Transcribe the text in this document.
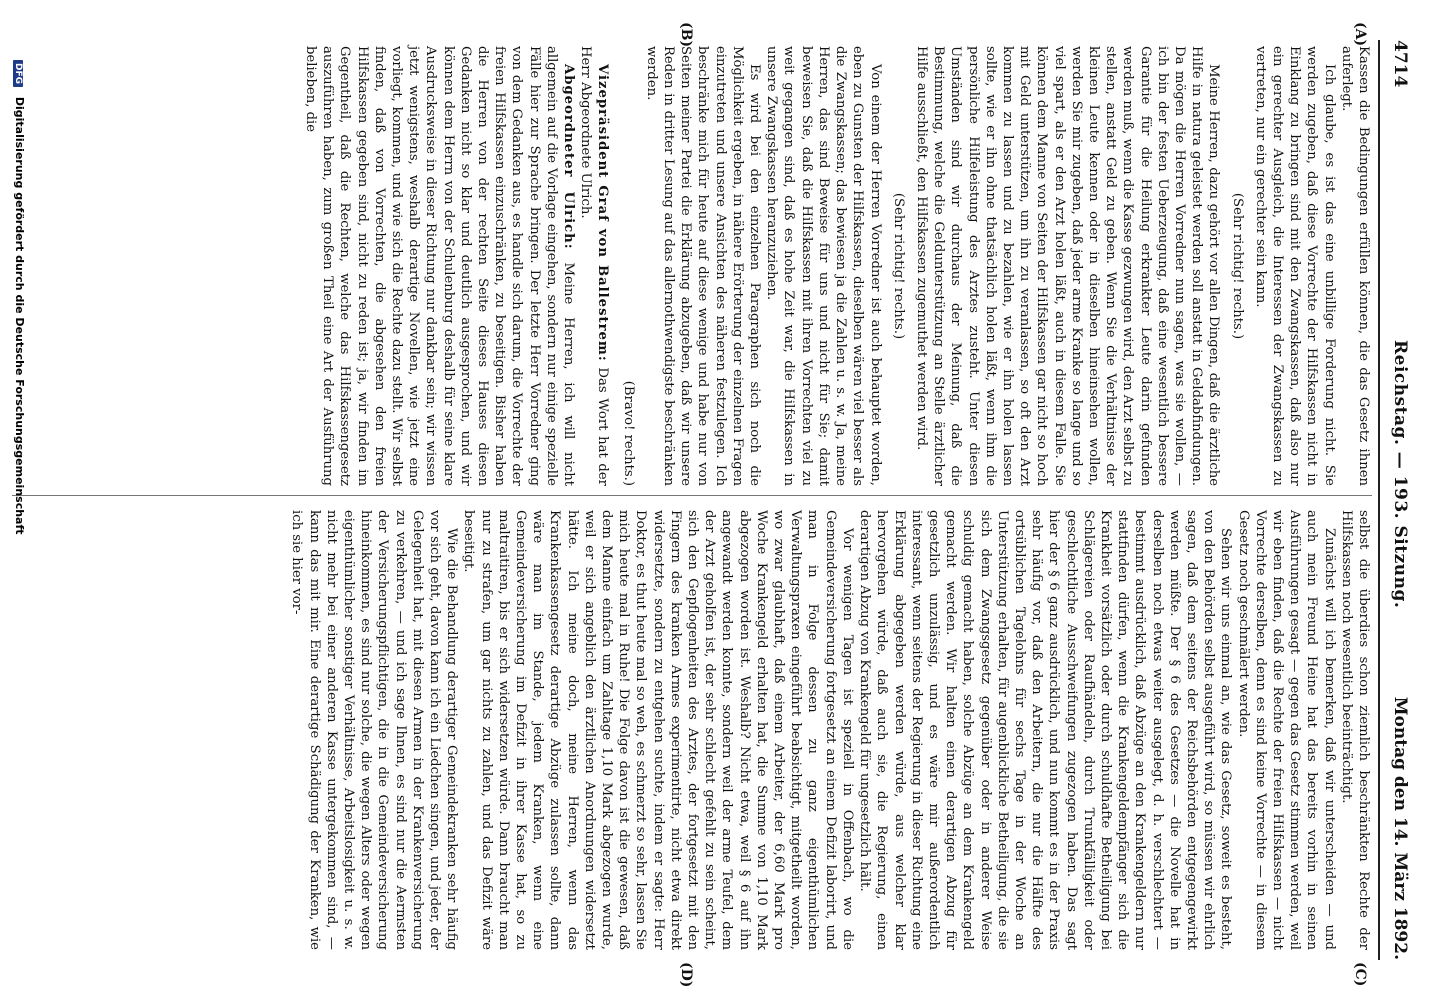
4714
Reichstag. — 193. Sitzung.
Montag den 14. März 1892.
(A)
(B)
(C)
(D)

Kassen die Bedingungen erfüllen können, die das Gesetz ihnen auferlegt.

Ich glaube, es ist das eine unbillige Forderung nicht. Sie werden zugeben, daß diese Vorrechte der Hilfskassen nicht in Einklang zu bringen sind mit den Zwangskassen, daß also nur ein gerechter Ausgleich, die Interessen der Zwangskassen zu vertreten, nur ein gerechter sein kann.

(Sehr richtig! rechts.)

Meine Herren, dazu gehört vor allen Dingen, daß die ärztliche Hilfe in natura geleistet werden soll anstatt in Geldabfindungen. Da mögen die Herren Vorredner nun sagen, was sie wollen, — ich bin der festen Ueberzeugung, daß eine wesentlich bessere Garantie für die Heilung erkrankter Leute darin gefunden werden muß, wenn die Kasse gezwungen wird, den Arzt selbst zu stellen, anstatt Geld zu geben. Wenn Sie die Verhältnisse der kleinen Leute kennen oder in dieselben hineinsehen wollen, werden Sie mir zugeben, daß jeder arme Kranke so lange und so viel spart, als er den Arzt holen läßt, auch in diesem Falle. Sie können dem Manne von Seiten der Hilfskassen gar nicht so hoch mit Geld unterstützen, um ihn zu veranlassen, so oft den Arzt kommen zu lassen und zu bezahlen, wie er ihn holen lassen sollte, wie er ihn ohne thatsächlich holen läßt, wenn ihm die persönliche Hilfeleistung des Arztes zusteht. Unter diesen Umständen sind wir durchaus der Meinung, daß die Bestimmung, welche die Geldunterstützung an Stelle ärztlicher Hilfe ausschließt, den Hilfskassen zugemuthet werden wird.

(Sehr richtig! rechts.)

Von einem der Herren Vorredner ist auch behauptet worden, eben zu Gunsten der Hilfskassen, dieselben wären viel besser als die Zwangskassen; das bewiesen ja die Zahlen u. s. w. Ja, meine Herren, das sind Beweise für uns und nicht für Sie; damit beweisen Sie, daß die Hilfskassen mit ihren Vorrechten viel zu weit gegangen sind, daß es hohe Zeit war, die Hilfskassen in unsere Zwangskassen heranzuziehen.

Es wird bei den einzelnen Paragraphen sich noch die Möglichkeit ergeben, in nähere Erörterung der einzelnen Fragen einzutreten und unsere Ansichten des näheren festzulegen. Ich beschränke mich für heute auf diese wenige und habe nur von Seiten meiner Partei die Erklärung abzugeben, daß wir unsere Reden in dritter Lesung auf das allernothwendigste beschränken werden.

(Bravo! rechts.)

Vizepräsident Graf von Ballestrem: Das Wort hat der Herr Abgeordnete Ulrich.

Abgeordneter Ulrich: Meine Herren, ich will nicht allgemein auf die Vorlage eingehen, sondern nur einige spezielle Fälle hier zur Sprache bringen. Der letzte Herr Vorredner ging von dem Gedanken aus, es handle sich darum, die Vorrechte der freien Hilfskassen einzuschränken, zu beseitigen. Bisher haben die Herren von der rechten Seite dieses Hauses diesen Gedanken nicht so klar und deutlich ausgesprochen, und wir können dem Herrn von der Schulenburg deshalb für seine klare Ausdrucksweise in dieser Richtung nur dankbar sein; wir wissen jetzt wenigstens, weshalb derartige Novellen, wie jetzt eine vorliegt, kommen, und wie sich die Rechte dazu stellt. Wir selbst finden, daß von Vorrechten, die abgesehen den freien Hilfskassen gegeben sind, nicht zu reden ist; ja, wir finden im Gegentheil, daß die Rechten, welche das Hilfskassengesetz auszuführen haben, zum großen Theil eine Art der Ausführung belieben, die

selbst die überdies schon ziemlich beschränkten Rechte der Hilfskassen noch wesentlich beeinträchtigt.

Zunächst will ich bemerken, daß wir unterscheiden — und auch mein Freund Heine hat das bereits vorhin in seinen Ausführungen gesagt — gegen das Gesetz stimmen werden, weil wir eben finden, daß die Rechte der freien Hilfskassen — nicht Vorrechte derselben, denn es sind keine Vorrechte — in diesem Gesetz noch geschmälert werden.

Sehen wir uns einmal an, wie das Gesetz, soweit es besteht, von den Behörden selbst ausgeführt wird, so müssen wir ehrlich sagen, daß dem seitens der Reichsbehörden entgegengewirkt werden müßte. Der § 6 des Gesetzes — die Novelle hat in derselben noch etwas weiter ausgelegt, d. h. verschlechtert — bestimmt ausdrücklich, daß Abzüge an den Krankengeldern nur stattfinden dürfen, wenn die Krankengeldempfänger sich die Krankheit vorsätzlich oder durch schuldhafte Betheiligung bei Schlägereien oder Raufhändeln, durch Trunkfälligkeit oder geschlechtliche Ausschweifungen zugezogen haben. Das sagt hier der § 6 ganz ausdrücklich, und nun kommt es in der Praxis sehr häufig vor, daß den Arbeitern, die nur die Hälfte des ortsüblichen Tagelohns für sechs Tage in der Woche an Unterstützung erhalten, für augenblickliche Betheiligung, die sie sich dem Zwangsgesetz gegenüber oder in anderer Weise schuldig gemacht haben, solche Abzüge an dem Krankengeld gemacht werden. Wir halten einen derartigen Abzug für gesetzlich unzulässig, und es wäre mir außerordentlich interessant, wenn seitens der Regierung in dieser Richtung eine Erklärung abgegeben werden würde, aus welcher klar hervorgehen würde, daß auch sie, die Regierung, einen derartigen Abzug von Krankengeld für ungesetzlich hält.

Vor wenigen Tagen ist speziell in Offenbach, wo die Gemeindeversicherung fortgesetzt an einem Defizit laborirt, und man in Folge dessen zu ganz eigenthümlichen Verwaltungspraxen eingeführt beabsichtigt, mitgetheilt worden, wo zwar glaubhaft, daß einem Arbeiter, der 6,60 Mark pro Woche Krankengeld erhalten hat, die Summe von 1,10 Mark abgezogen worden ist. Weshalb? Nicht etwa, weil § 6 auf ihn angewandt werden konnte, sondern weil der arme Teufel, dem der Arzt geholfen ist, der sehr schlecht gefehlt zu sein scheint, sich den Gepflogenheiten des Arztes, der fortgesetzt mit den Fingern des kranken Armes experimentirte, nicht etwa direkt widersetzte, sondern zu entgehen suchte, indem er sagte: Herr Doktor, es thut heute mal so weh, es schmerzt so sehr, lassen Sie mich heute mal in Ruhe! Die Folge davon ist die gewesen, daß dem Manne einfach um Zahltage 1,10 Mark abgezogen wurde, weil er sich angeblich den ärztlichen Anordnungen widersetzt hätte. Ich meine doch, meine Herren, wenn das Krankenkassengesetz derartige Abzüge zulassen sollte, dann wäre man im Stande, jedem Kranken, wenn eine Gemeindeversicherung im Defizit in ihrer Kasse hat, so zu maltraitiren, bis er sich widersetzen würde. Dann braucht man nur zu strafen, um gar nichts zu zahlen, und das Defizit wäre beseitigt.

Wie die Behandlung derartiger Gemeindekranken sehr häufig vor sich geht, davon kann ich ein Liedchen singen, und jeder, der Gelegenheit hat, mit diesen Armen in der Krankenversicherung zu verkehren, — und ich sage Ihnen, es sind nur die Aermsten der Versicherungspflichtigen, die in die Gemeindeversicherung hineinkommen, es sind nur solche, die wegen Alters oder wegen eigenthümlicher sonstiger Verhältnisse, Arbeitslosigkeit u. s. w. nicht mehr bei einer anderen Kasse untergekommen sind, — kann das mit mir. Eine derartige Schädigung der Kranken, wie ich sie hier vor-

DFG Digitalisierung gefördert durch die Deutsche Forschungsgemeinschaft
